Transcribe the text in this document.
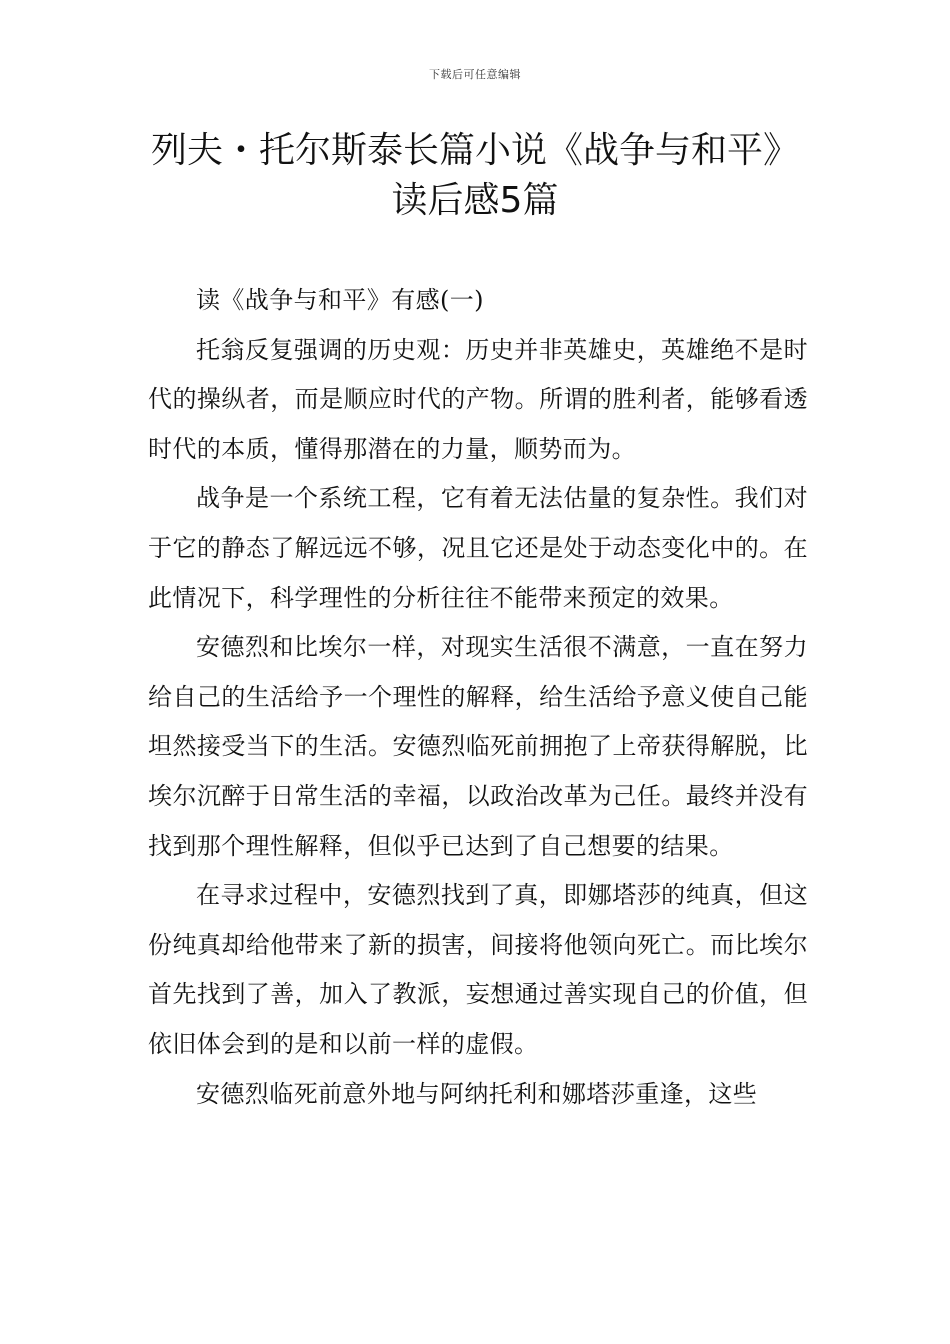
下载后可任意编辑
列夫・托尔斯泰长篇小说《战争与和平》
读后感5篇

读《战争与和平》有感(一)

托翁反复强调的历史观：历史并非英雄史，英雄绝不是时代的操纵者，而是顺应时代的产物。所谓的胜利者，能够看透时代的本质，懂得那潜在的力量，顺势而为。

战争是一个系统工程，它有着无法估量的复杂性。我们对于它的静态了解远远不够，况且它还是处于动态变化中的。在此情况下，科学理性的分析往往不能带来预定的效果。

安德烈和比埃尔一样，对现实生活很不满意，一直在努力给自己的生活给予一个理性的解释，给生活给予意义使自己能坦然接受当下的生活。安德烈临死前拥抱了上帝获得解脱，比埃尔沉醉于日常生活的幸福，以政治改革为己任。最终并没有找到那个理性解释，但似乎已达到了自己想要的结果。

在寻求过程中，安德烈找到了真，即娜塔莎的纯真，但这份纯真却给他带来了新的损害，间接将他领向死亡。而比埃尔首先找到了善，加入了教派，妄想通过善实现自己的价值，但依旧体会到的是和以前一样的虚假。

安德烈临死前意外地与阿纳托利和娜塔莎重逢，这些
